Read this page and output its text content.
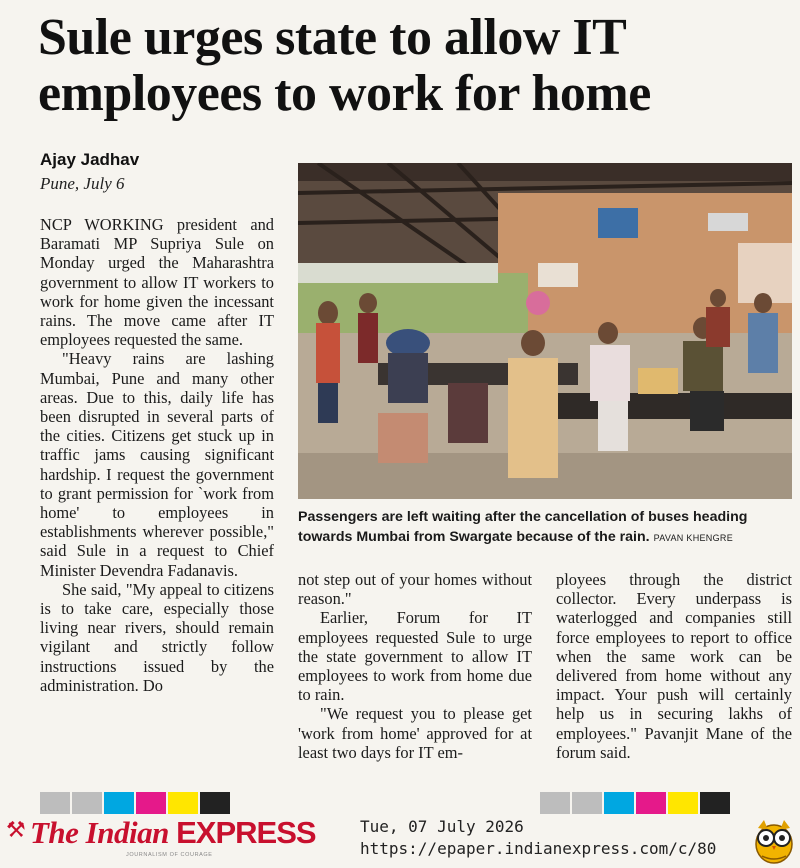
Sule urges state to allow IT
employees to work for home
Ajay Jadhav
Pune, July 6
Passengers are left waiting after the cancellation of buses heading towards Mumbai from Swargate because of the rain. PAVAN KHENGRE

NCP WORKING president and Baramati MP Supriya Sule on Monday urged the Maharashtra government to allow IT workers to work for home given the incessant rains. The move came after IT employees requested the same.

"Heavy rains are lashing Mumbai, Pune and many other areas. Due to this, daily life has been disrupted in several parts of the cities. Citizens get stuck up in traffic jams causing significant hardship. I request the government to grant permission for `work from home' to employees in establishments wherever possible," said Sule in a request to Chief Minister Devendra Fadanavis.

She said, "My appeal to citizens is to take care, especially those living near rivers, should remain vigilant and strictly follow instructions issued by the administration. Do

not step out of your homes without reason."

Earlier, Forum for IT employees requested Sule to urge the state government to allow IT employees to work from home due to rain.

"We request you to please get 'work from home' approved for at least two days for IT em-

ployees through the district collector. Every underpass is waterlogged and companies still force employees to report to office when the same work can be delivered from home without any impact. Your push will certainly help us in securing lakhs of employees." Pavanjit Mane of the forum said.

⚒ The Indian EXPRESS
JOURNALISM OF COURAGE
Tue, 07 July 2026
https://epaper.indianexpress.com/c/80
